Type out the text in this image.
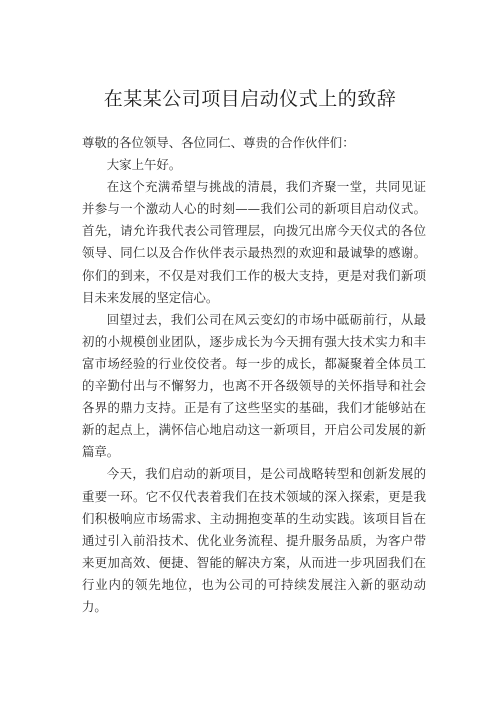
在某某公司项目启动仪式上的致辞

尊敬的各位领导、各位同仁、尊贵的合作伙伴们：

大家上午好。

在这个充满希望与挑战的清晨，我们齐聚一堂，共同见证并参与一个激动人心的时刻——我们公司的新项目启动仪式。首先，请允许我代表公司管理层，向拨冗出席今天仪式的各位领导、同仁以及合作伙伴表示最热烈的欢迎和最诚挚的感谢。你们的到来，不仅是对我们工作的极大支持，更是对我们新项目未来发展的坚定信心。

回望过去，我们公司在风云变幻的市场中砥砺前行，从最初的小规模创业团队，逐步成长为今天拥有强大技术实力和丰富市场经验的行业佼佼者。每一步的成长，都凝聚着全体员工的辛勤付出与不懈努力，也离不开各级领导的关怀指导和社会各界的鼎力支持。正是有了这些坚实的基础，我们才能够站在新的起点上，满怀信心地启动这一新项目，开启公司发展的新篇章。

今天，我们启动的新项目，是公司战略转型和创新发展的重要一环。它不仅代表着我们在技术领域的深入探索，更是我们积极响应市场需求、主动拥抱变革的生动实践。该项目旨在通过引入前沿技术、优化业务流程、提升服务品质，为客户带来更加高效、便捷、智能的解决方案，从而进一步巩固我们在行业内的领先地位，也为公司的可持续发展注入新的驱动动力。
